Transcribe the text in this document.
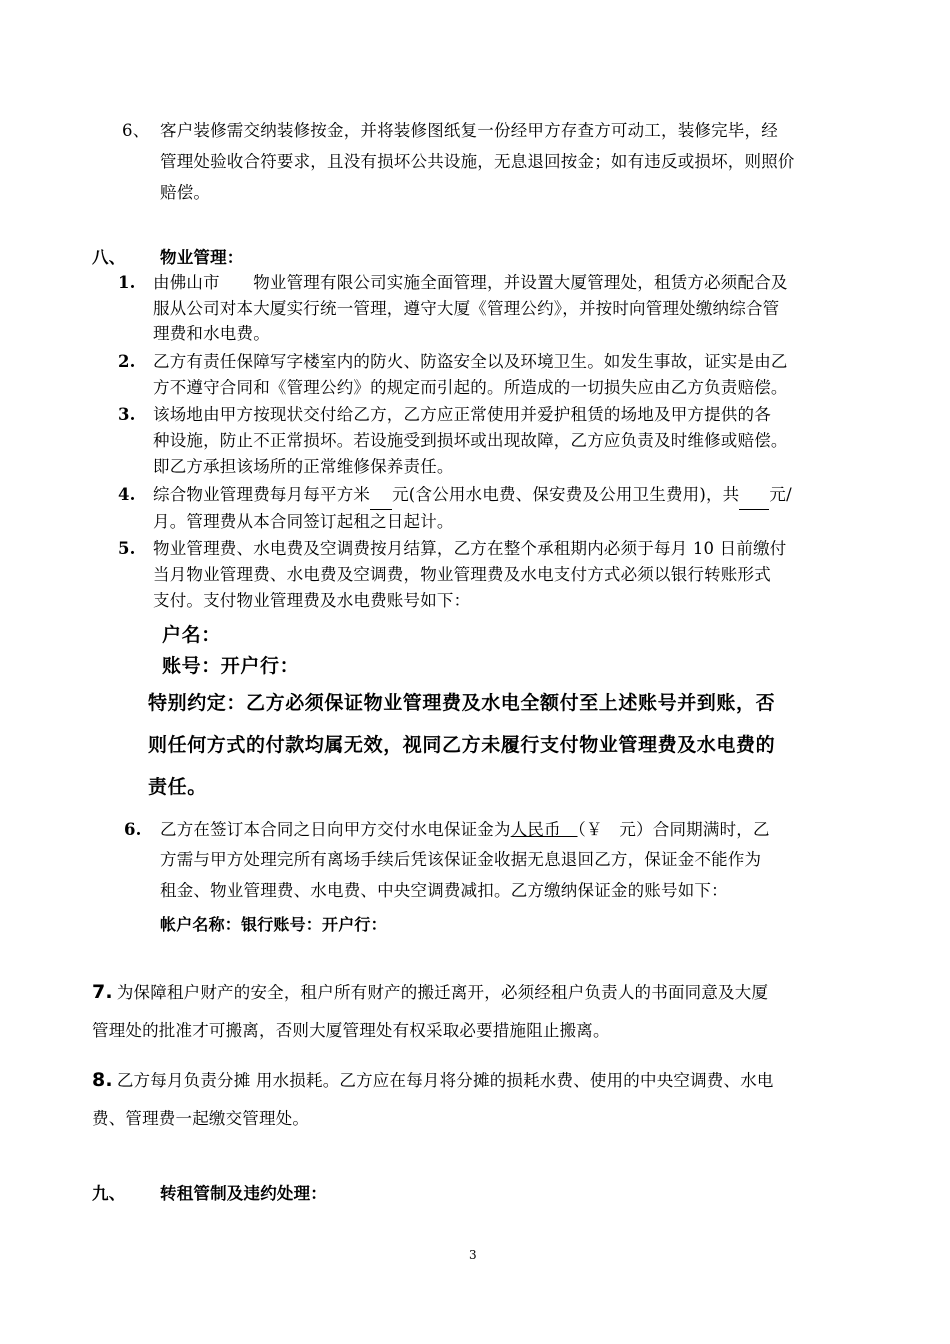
6、 客户装修需交纳装修按金，并将装修图纸复一份经甲方存查方可动工，装修完毕，经
管理处验收合符要求，且没有损坏公共设施，无息退回按金；如有违反或损坏，则照价
赔偿。
八、 物业管理：
1. 由佛山市　　物业管理有限公司实施全面管理，并设置大厦管理处，租赁方必须配合及
服从公司对本大厦实行统一管理，遵守大厦《管理公约》，并按时向管理处缴纳综合管
理费和水电费。
2. 乙方有责任保障写字楼室内的防火、防盗安全以及环境卫生。如发生事故，证实是由乙
方不遵守合同和《管理公约》的规定而引起的。所造成的一切损失应由乙方负责赔偿。
3. 该场地由甲方按现状交付给乙方，乙方应正常使用并爱护租赁的场地及甲方提供的各
种设施，防止不正常损坏。若设施受到损坏或出现故障，乙方应负责及时维修或赔偿。
即乙方承担该场所的正常维修保养责任。
4. 综合物业管理费每月每平方米 元(含公用水电费、保安费及公用卫生费用)，共 元/
月。管理费从本合同签订起租之日起计。
5. 物业管理费、水电费及空调费按月结算，乙方在整个承租期内必须于每月 10 日前缴付
当月物业管理费、水电费及空调费，物业管理费及水电支付方式必须以银行转账形式
支付。支付物业管理费及水电费账号如下：
户名：
账号：开户行：
特别约定：乙方必须保证物业管理费及水电全额付至上述账号并到账，否
则任何方式的付款均属无效，视同乙方未履行支付物业管理费及水电费的
责任。
6. 乙方在签订本合同之日向甲方交付水电保证金为人民币　（￥　元）合同期满时，乙
方需与甲方处理完所有离场手续后凭该保证金收据无息退回乙方，保证金不能作为
租金、物业管理费、水电费、中央空调费减扣。乙方缴纳保证金的账号如下：
帐户名称：银行账号：开户行：
7. 为保障租户财产的安全，租户所有财产的搬迁离开，必须经租户负责人的书面同意及大厦
管理处的批准才可搬离，否则大厦管理处有权采取必要措施阻止搬离。
8. 乙方每月负责分摊 用水损耗。乙方应在每月将分摊的损耗水费、使用的中央空调费、水电
费、管理费一起缴交管理处。
九、 转租管制及违约处理：
3
